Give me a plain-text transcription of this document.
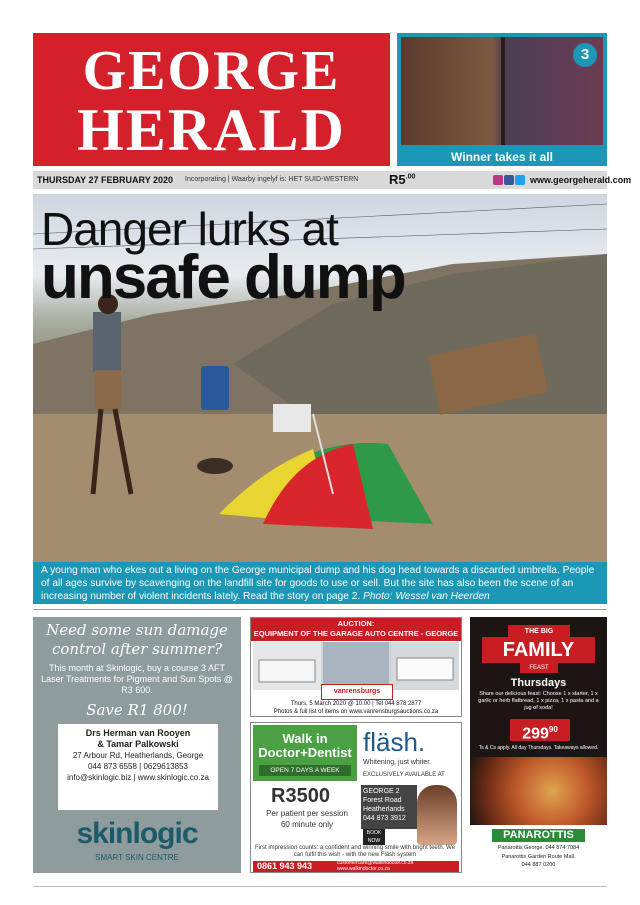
GEORGE
HERALD
3
Winner takes it all
THURSDAY 27 FEBRUARY 2020 Incorporating | Waarby ingelyf is: HET SUID-WESTERN $R5^{.00}$	www.georgeherald.com
Danger lurks at
unsafe dump
A young man who ekes out a living on the George municipal dump and his dog head towards a discarded umbrella. People of all ages survive by scavenging on the landfill site for goods to use or sell. But the site has also been the scene of an increasing number of violent incidents lately. Read the story on page 2. Photo: Wessel van Heerden
Need some sun damage
control after summer?
This month at Skinlogic, buy a course 3 AFT Laser Treatments for Pigment and Sun Spots @ R3 600.
Save R1 800!
Drs Herman van Rooyen
& Tamar Palkowski
27 Arbour Rd, Heatherlands, George
044 873 6558 | 0629613853
info@skinlogic.biz | www.skinlogic.co.za
skinlogic
SMART SKIN CENTRE
AUCTION:
EQUIPMENT OF THE GARAGE AUTO CENTRE - GEORGE
vanrensburgs
Thurs, 5 March 2020 @ 10:00 | Tel 044 878 2877
Photos & full list of items on www.vanrensburgsauctions.co.za
Walk in
Doctor+Dentist
OPEN 7 DAYS A WEEK
fläsh.
Whitening, just whiter.
EXCLUSIVELY AVAILABLE AT
R3500
Per patient per session
60 minute only
GEORGE 2 Forest Road Heatherlands 044 873 3912
BOOK NOW
First impression counts: a confident and winning smile with bright teeth. We can fulfil this wish - with the new Fläsh system
0861 943 943	customercare@walkindoctor.co.za www.walkindoctor.co.za
THE BIG
FAMILY
FEAST
Thursdays
Share our delicious feast: Choose 1 x starter, 1 x garlic or herb flatbread, 1 x pizza, 1 x pasta and a jug of soda!
$299^{90}$
Ts & Cs apply. All day Thursdays. Takeaways allowed.
PANAROTTIS
Panarottis George. 044 874 7084
Panarottis Garden Route Mall.
044 887 0200
